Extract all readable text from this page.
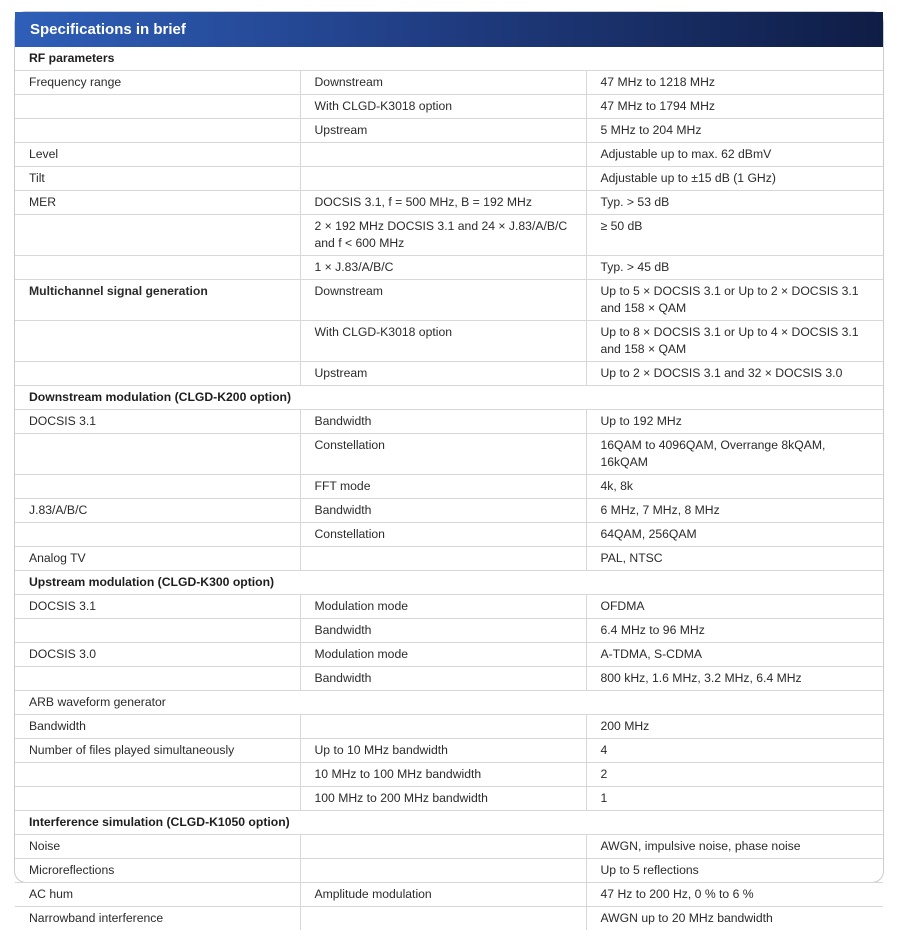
Specifications in brief
RF parameters		
Frequency range	Downstream	47 MHz to 1218 MHz
	With CLGD-K3018 option	47 MHz to 1794 MHz
	Upstream	5 MHz to 204 MHz
Level		Adjustable up to max. 62 dBmV
Tilt		Adjustable up to ±15 dB (1 GHz)
MER	DOCSIS 3.1, f = 500 MHz, B = 192 MHz	Typ. > 53 dB
	2 × 192 MHz DOCSIS 3.1 and 24 × J.83/A/B/C and f < 600 MHz	≥ 50 dB
	1 × J.83/A/B/C	Typ. > 45 dB
Multichannel signal generation	Downstream	Up to 5 × DOCSIS 3.1 or Up to 2 × DOCSIS 3.1 and 158 × QAM
	With CLGD-K3018 option	Up to 8 × DOCSIS 3.1 or Up to 4 × DOCSIS 3.1 and 158 × QAM
	Upstream	Up to 2 × DOCSIS 3.1 and 32 × DOCSIS 3.0
Downstream modulation (CLGD-K200 option)		
DOCSIS 3.1	Bandwidth	Up to 192 MHz
	Constellation	16QAM to 4096QAM, Overrange 8kQAM, 16kQAM
	FFT mode	4k, 8k
J.83/A/B/C	Bandwidth	6 MHz, 7 MHz, 8 MHz
	Constellation	64QAM, 256QAM
Analog TV		PAL, NTSC
Upstream modulation (CLGD-K300 option)		
DOCSIS 3.1	Modulation mode	OFDMA
	Bandwidth	6.4 MHz to 96 MHz
DOCSIS 3.0	Modulation mode	A-TDMA, S-CDMA
	Bandwidth	800 kHz, 1.6 MHz, 3.2 MHz, 6.4 MHz
ARB waveform generator		
Bandwidth		200 MHz
Number of files played simultaneously	Up to 10 MHz bandwidth	4
	10 MHz to 100 MHz bandwidth	2
	100 MHz to 200 MHz bandwidth	1
Interference simulation (CLGD-K1050 option)		
Noise		AWGN, impulsive noise, phase noise
Microreflections		Up to 5 reflections
AC hum	Amplitude modulation	47 Hz to 200 Hz, 0 % to 6 %
Narrowband interference		AWGN up to 20 MHz bandwidth
